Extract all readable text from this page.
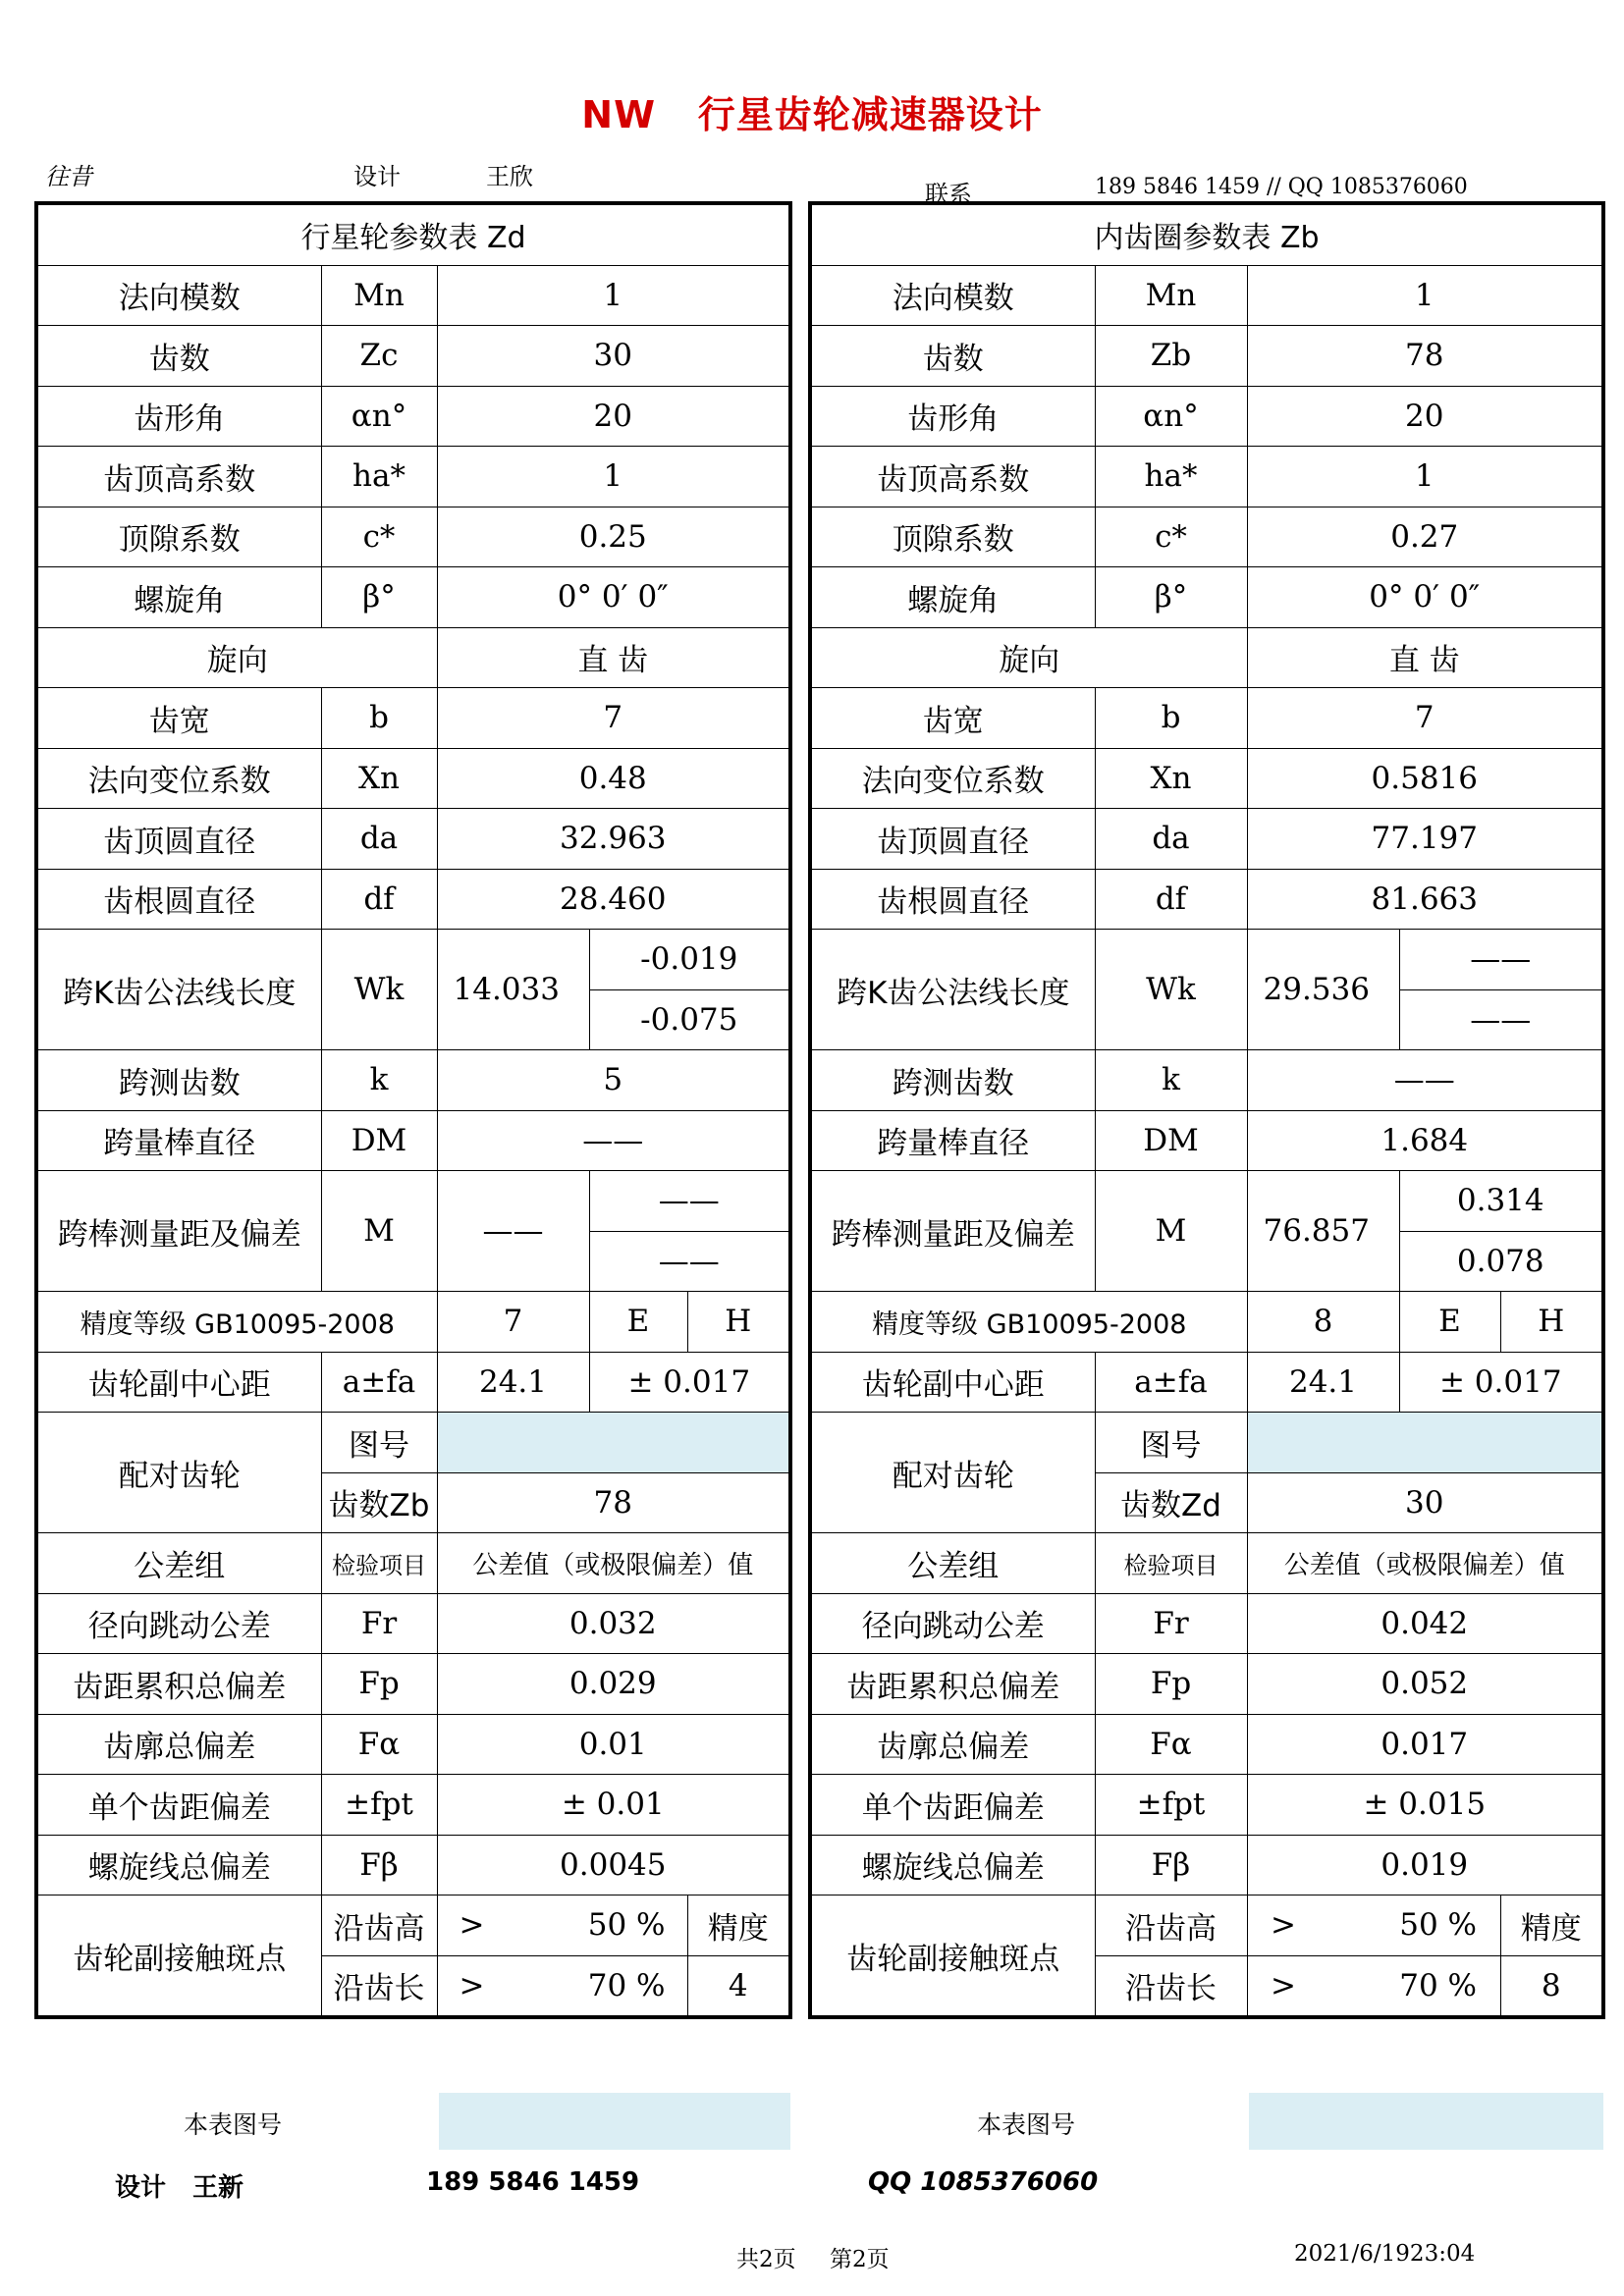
NW   行星齿轮减速器设计
往昔	设计	王欣
联系	189 5846 1459 // QQ 1085376060
行星轮参数表 Zd				
法向模数	Mn	1		
齿数	Zc	30		
齿形角	αn°	20		
齿顶高系数	ha*	1		
顶隙系数	c*	0.25		
螺旋角	β°	0° 0′ 0″		
旋向		直 齿		
齿宽	b	7		
法向变位系数	Xn	0.48		
齿顶圆直径	da	32.963		
齿根圆直径	df	28.460		
跨K齿公法线长度	Wk	14.033	-0.019	
			-0.075	
跨测齿数	k	5		
跨量棒直径	DM	——		
跨棒测量距及偏差	M	——	——	
			——	
精度等级 GB10095-2008		7	E	H
齿轮副中心距	a±fa	24.1	± 0.017	
配对齿轮	图号			
	齿数Zb	78		
公差组	检验项目	公差值（或极限偏差）值		
径向跳动公差	Fr	0.032		
齿距累积总偏差	Fp	0.029		
齿廓总偏差	Fα	0.01		
单个齿距偏差	±fpt	± 0.01		
螺旋线总偏差	Fβ	0.0045		
齿轮副接触斑点	沿齿高	> 50 %		精度
	沿齿长	> 70 %		4
内齿圈参数表 Zb				
法向模数	Mn	1		
齿数	Zb	78		
齿形角	αn°	20		
齿顶高系数	ha*	1		
顶隙系数	c*	0.27		
螺旋角	β°	0° 0′ 0″		
旋向		直 齿		
齿宽	b	7		
法向变位系数	Xn	0.5816		
齿顶圆直径	da	77.197		
齿根圆直径	df	81.663		
跨K齿公法线长度	Wk	29.536	——	
			——	
跨测齿数	k	——		
跨量棒直径	DM	1.684		
跨棒测量距及偏差	M	76.857	0.314	
			0.078	
精度等级 GB10095-2008		8	E	H
齿轮副中心距	a±fa	24.1	± 0.017	
配对齿轮	图号			
	齿数Zd	30		
公差组	检验项目	公差值（或极限偏差）值		
径向跳动公差	Fr	0.042		
齿距累积总偏差	Fp	0.052		
齿廓总偏差	Fα	0.017		
单个齿距偏差	±fpt	± 0.015		
螺旋线总偏差	Fβ	0.019		
齿轮副接触斑点	沿齿高	> 50 %		精度
	沿齿长	> 70 %		8
本表图号	本表图号
设计 王新	189 5846 1459	QQ 1085376060
共2页 第2页	2021/6/1923:04
